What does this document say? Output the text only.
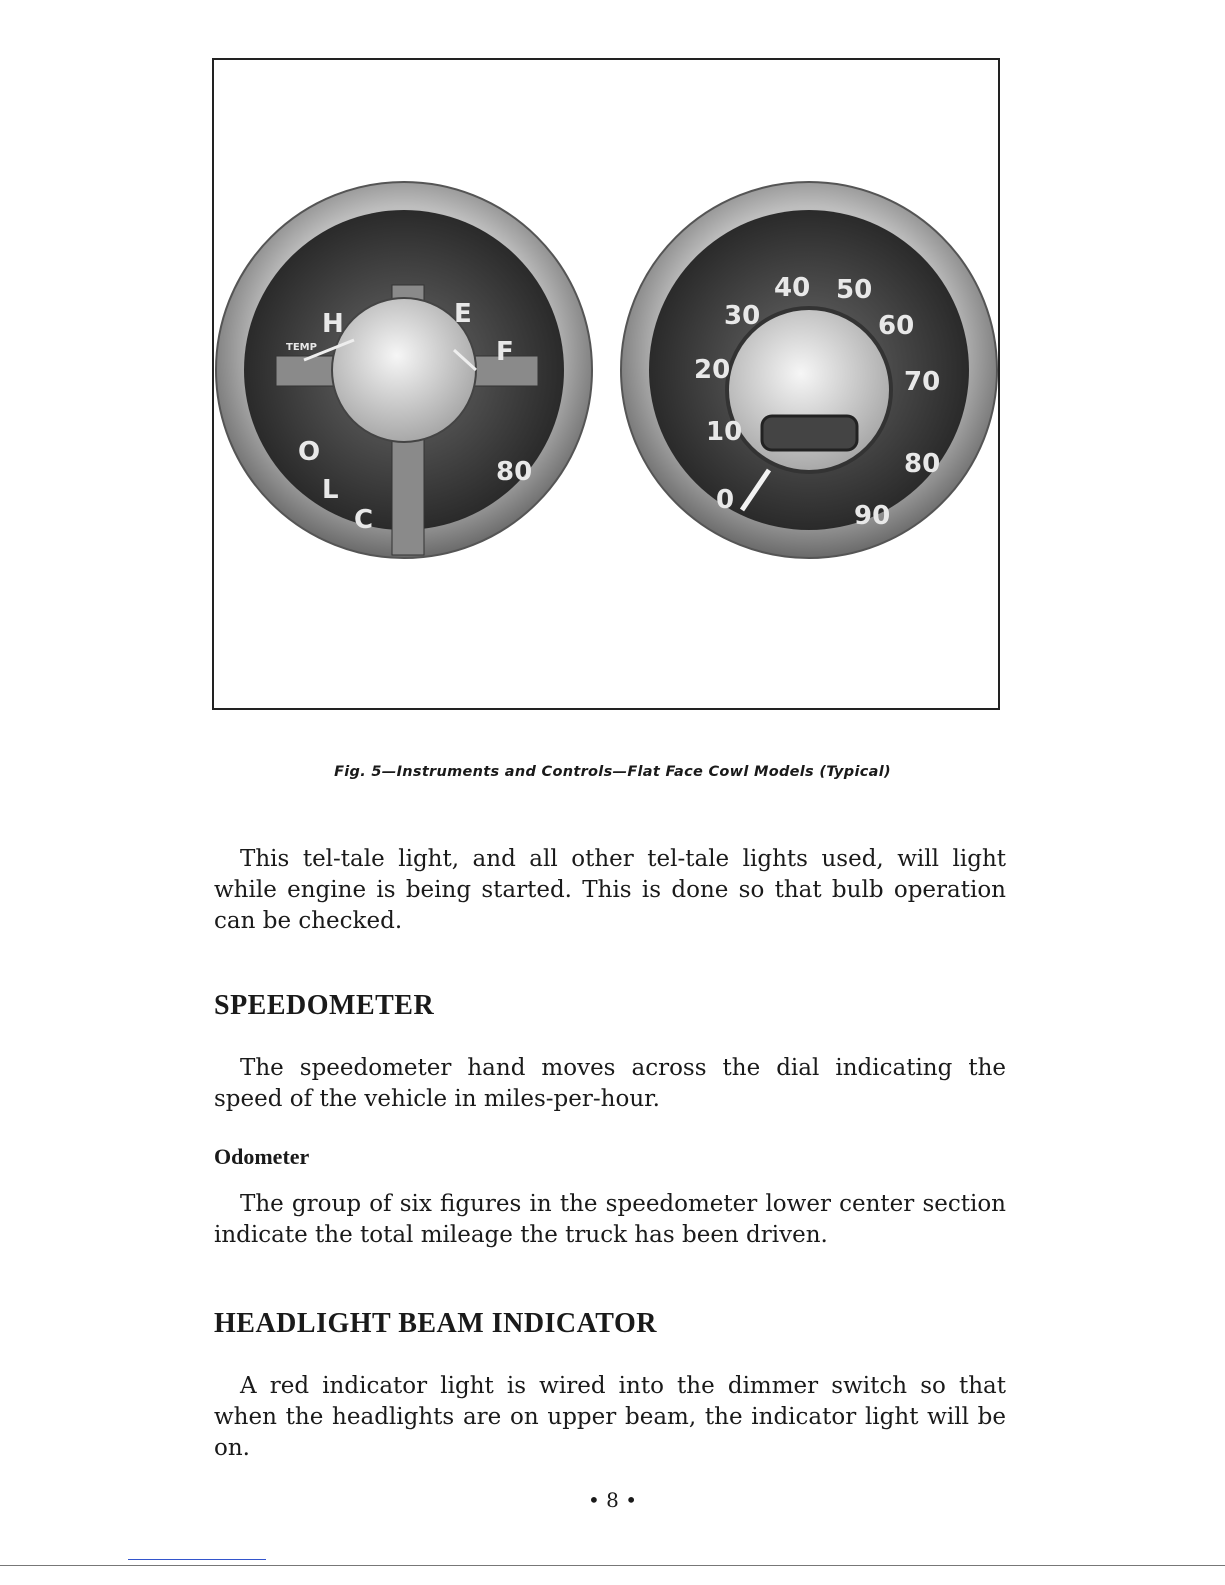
H	E
F
O
L
C
80
TEMP
0
10
20
30
40 50
60
70
80
90
Fig. 5—Instruments and Controls—Flat Face Cowl Models (Typical)

This tel-tale light, and all other tel-tale lights used, will light while engine is being started. This is done so that bulb operation can be checked.

SPEEDOMETER

The speedometer hand moves across the dial indicating the speed of the vehicle in miles-per-hour.

Odometer

The group of six figures in the speedometer lower center section indicate the total mileage the truck has been driven.

HEADLIGHT BEAM INDICATOR

A red indicator light is wired into the dimmer switch so that when the headlights are on upper beam, the indicator light will be on.

• 8 •
